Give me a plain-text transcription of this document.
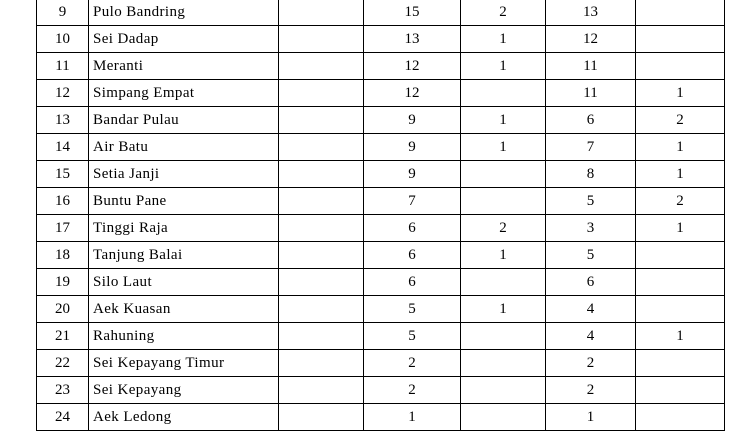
9	Pulo Bandring		15	2	13	
10	Sei Dadap		13	1	12	
11	Meranti		12	1	11	
12	Simpang Empat		12		11	1
13	Bandar Pulau		9	1	6	2
14	Air Batu		9	1	7	1
15	Setia Janji		9		8	1
16	Buntu Pane		7		5	2
17	Tinggi Raja		6	2	3	1
18	Tanjung Balai		6	1	5	
19	Silo Laut		6		6	
20	Aek Kuasan		5	1	4	
21	Rahuning		5		4	1
22	Sei Kepayang Timur		2		2	
23	Sei Kepayang		2		2	
24	Aek Ledong		1		1	
